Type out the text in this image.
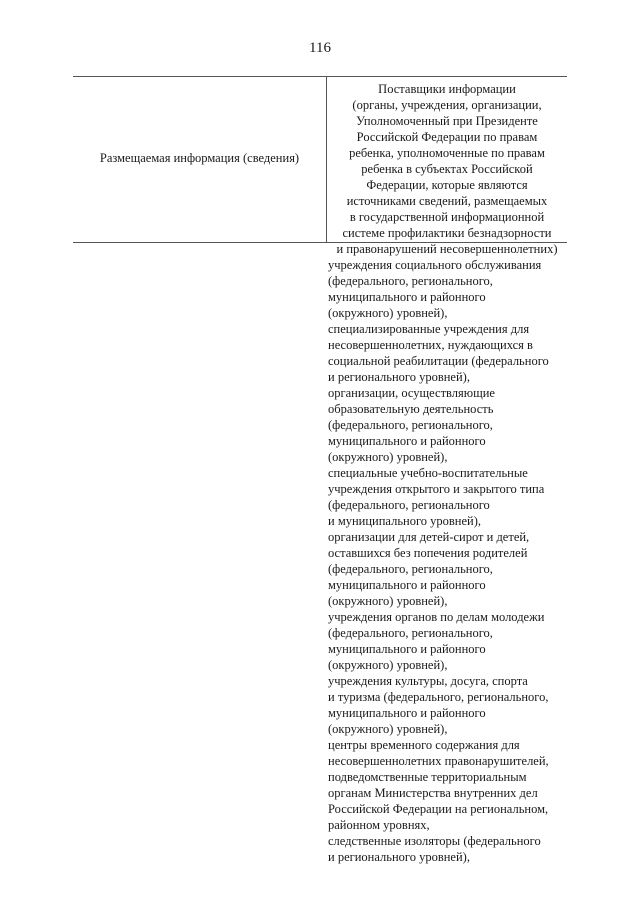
116
Размещаемая информация (сведения)
Поставщики информации
(органы, учреждения, организации,
Уполномоченный при Президенте
Российской Федерации по правам
ребенка, уполномоченные по правам
ребенка в субъектах Российской
Федерации, которые являются
источниками сведений, размещаемых
в государственной информационной
системе профилактики безнадзорности
и правонарушений несовершеннолетних)
учреждения социального обслуживания
(федерального, регионального,
муниципального и районного
(окружного) уровней),
специализированные учреждения для
несовершеннолетних, нуждающихся в
социальной реабилитации (федерального
и регионального уровней),
организации, осуществляющие
образовательную деятельность
(федерального, регионального,
муниципального и районного
(окружного) уровней),
специальные учебно-воспитательные
учреждения открытого и закрытого типа
(федерального, регионального
и муниципального уровней),
организации для детей-сирот и детей,
оставшихся без попечения родителей
(федерального, регионального,
муниципального и районного
(окружного) уровней),
учреждения органов по делам молодежи
(федерального, регионального,
муниципального и районного
(окружного) уровней),
учреждения культуры, досуга, спорта
и туризма (федерального, регионального,
муниципального и районного
(окружного) уровней),
центры временного содержания для
несовершеннолетних правонарушителей,
подведомственные территориальным
органам Министерства внутренних дел
Российской Федерации на региональном,
районном уровнях,
следственные изоляторы (федерального
и регионального уровней),
